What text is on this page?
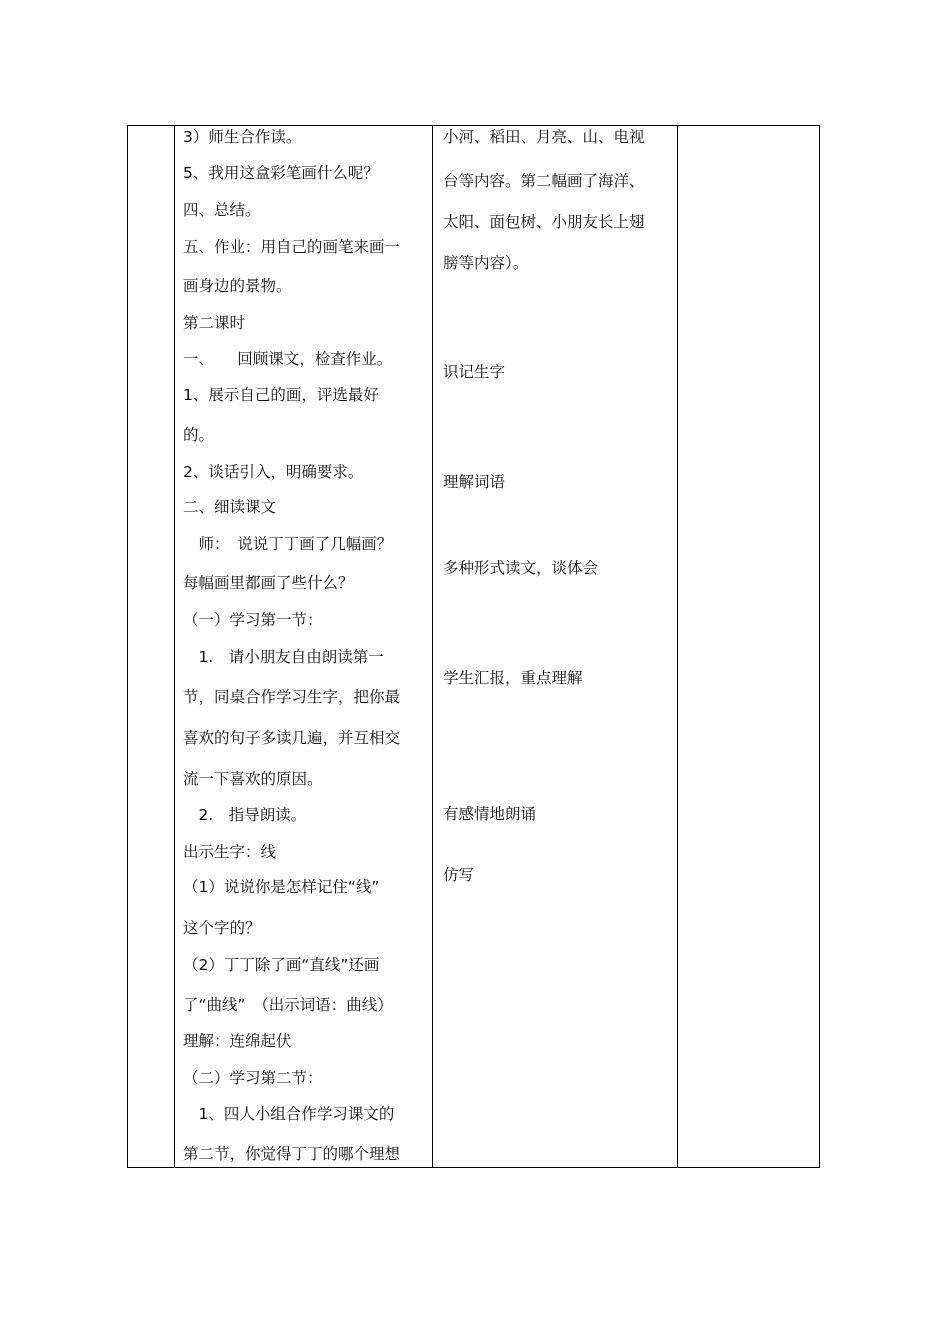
3）师生合作读。
5、我用这盒彩笔画什么呢？
四、总结。
五、作业：用自己的画笔来画一
画身边的景物。
第二课时
一、　　回顾课文，检查作业。
1、展示自己的画，评选最好
的。
2、谈话引入，明确要求。
二、细读课文
　师：　说说丁丁画了几幅画？
每幅画里都画了些什么？
（一）学习第一节：
　1.　请小朋友自由朗读第一
节，同桌合作学习生字，把你最
喜欢的句子多读几遍，并互相交
流一下喜欢的原因。
　2.　指导朗读。
出示生字：线
（1）说说你是怎样记住“线”
这个字的？
（2）丁丁除了画“直线”还画
了“曲线”　（出示词语：曲线）
理解：连绵起伏
（二）学习第二节：
　1、四人小组合作学习课文的
第二节，你觉得丁丁的哪个理想
小河、稻田、月亮、山、电视
台等内容。第二幅画了海洋、
太阳、面包树、小朋友长上翅
膀等内容）。
识记生字
理解词语
多种形式读文，谈体会
学生汇报，重点理解
有感情地朗诵
仿写
